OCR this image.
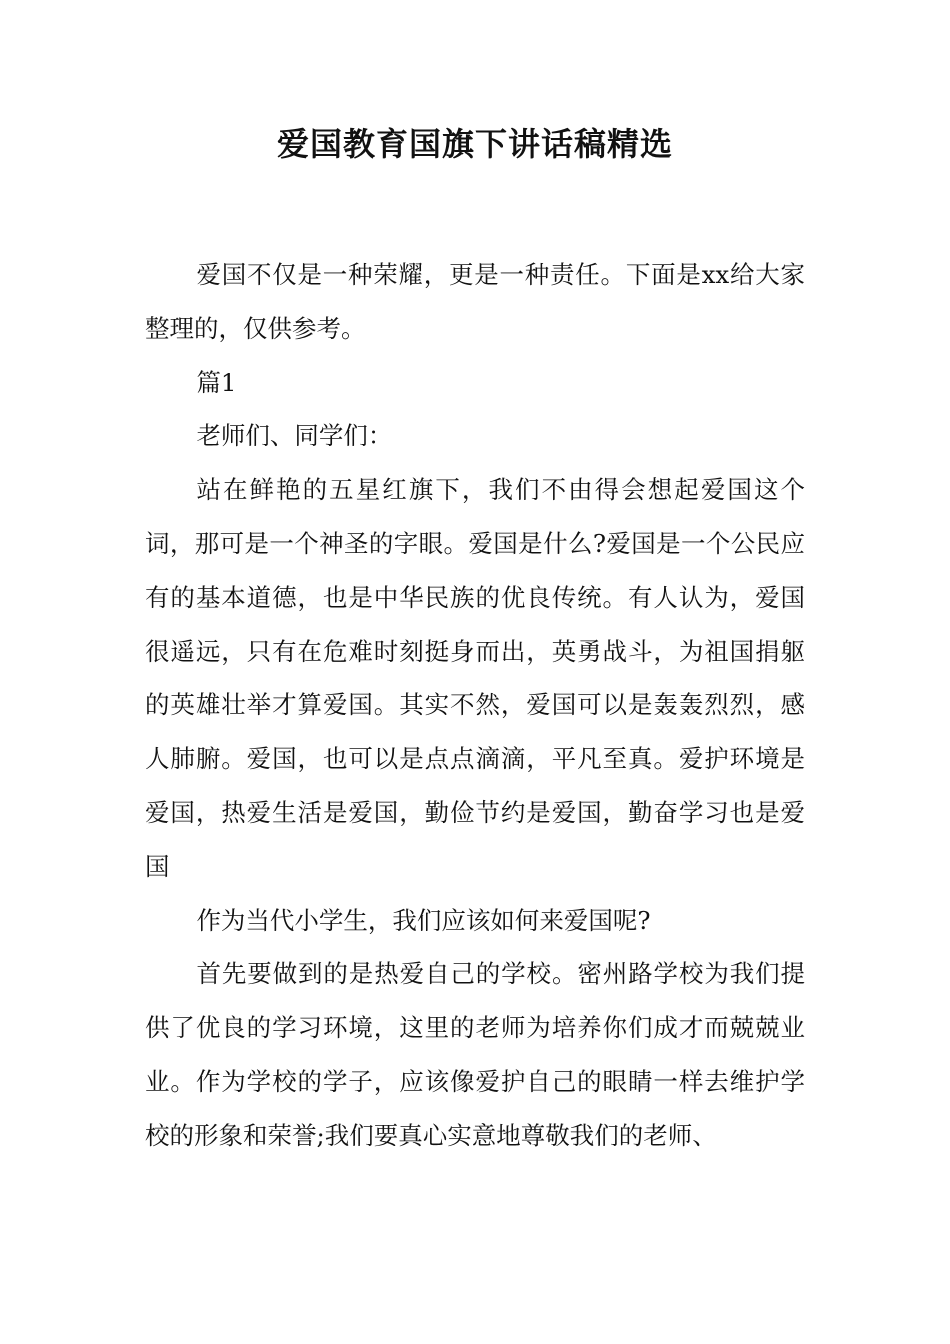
爱国教育国旗下讲话稿精选

爱国不仅是一种荣耀，更是一种责任。下面是xx给大家整理的，仅供参考。

篇1

老师们、同学们：

站在鲜艳的五星红旗下，我们不由得会想起爱国这个词，那可是一个神圣的字眼。爱国是什么?爱国是一个公民应有的基本道德，也是中华民族的优良传统。有人认为，爱国很遥远，只有在危难时刻挺身而出，英勇战斗，为祖国捐躯的英雄壮举才算爱国。其实不然，爱国可以是轰轰烈烈，感人肺腑。爱国，也可以是点点滴滴，平凡至真。爱护环境是爱国，热爱生活是爱国，勤俭节约是爱国，勤奋学习也是爱国

作为当代小学生，我们应该如何来爱国呢?

首先要做到的是热爱自己的学校。密州路学校为我们提供了优良的学习环境，这里的老师为培养你们成才而兢兢业业。作为学校的学子，应该像爱护自己的眼睛一样去维护学校的形象和荣誉;我们要真心实意地尊敬我们的老师、
